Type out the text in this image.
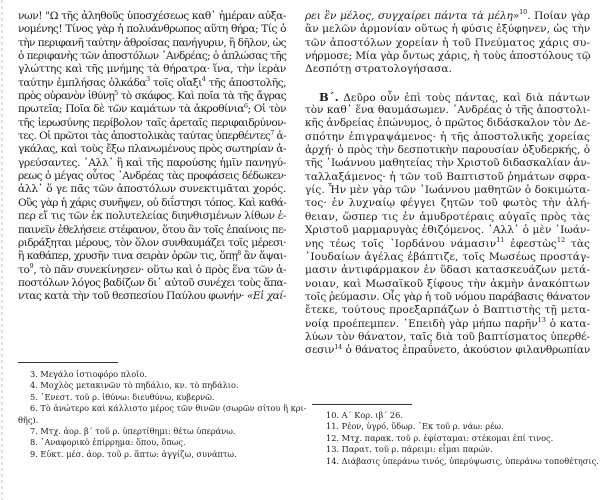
νων! "Ω τῆς ἀληθοῦς ὑποσχέσεως καθ᾽ ἡμέραν αὐξα-
νομένης! Τίνος γὰρ ἡ πολυάνθρωπος αὕτη θήρα; Τίς ὁ
τὴν περιφανῆ ταύτην ἀθροίσας πανήγυριν, ἢ δῆλον, ὡς
ὁ περιφανὴς τῶν ἀποστόλων ᾿Ανδρέας; ὁ ἁπλώσας τῆς
γλώττης καὶ τῆς μνήμης τὰ θήρατρα· ἵνα, τὴν ἱερὰν
ταύτην ἐμπλήσας ὁλκάδα$^3$ τοῖς οἴαξι$^4$ τῆς ἀποστολῆς,
πρὸς οὐρανὸν ἰθύνῃ$^5$ τὸ σκάφος. Καὶ ποῖα τὰ τῆς ἄγρας
πρωτεῖα; Ποῖα δὲ τῶν καμάτων τὰ ἀκροθίνια$^6$; Οἱ τὸν
τῆς ἱερωσύνης περίβολον ταῖς ἀρεταῖς περιφαιδρύνον-
τες. Οἱ πρῶτοι τὰς ἀποστολικὰς ταύτας ὑπερθέντες$^7$ ἀ-
γκάλας, καὶ τοὺς ἔξω πλανωμένους πρὸς σωτηρίαν ἀ-
γρεύσαντες. ᾿Αλλ᾽ ἢ καὶ τῆς παρούσης ἡμῖν πανηγύ-
ρεως ὁ μέγας οὗτος ᾿Ανδρέας τὰς προφάσεις δέδωκεν·
ἀλλ᾽ ὅ γε πᾶς τῶν ἀποστόλων συνεκτιμᾶται χορός.
Οὓς γὰρ ἡ χάρις συνῆψεν, οὐ διΐστησι τόπος. Καὶ καθά-
περ εἴ τις τῶν ἐκ πολυτελείας διηνθισμένων λίθων ἐ-
παινεῖν ἐθελήσειε στέφανον, ὅτου ἂν τοῖς ἐπαίνοις πε-
ριδράξηται μέρους, τὸν ὅλον συνθαυμάζει τοῖς μέρεσι·
ἢ καθάπερ, χρυσῆν τινα σειρὰν ὁρῶν τις, ὅπῃ$^8$ ἂν ἅψαι-
$\tau o^9$, τὸ πᾶν συνεκίνησεν· οὕτω καὶ ὁ πρὸς ἕνα τῶν ἀ-
ποστόλων λόγος βαδίζων δι᾽ αὐτοῦ συνέχει τοὺς ἅπα-
ντας κατὰ τὴν τοῦ θεσπεσίου Παύλου φωνήν· «Εἰ χαί-
3. Μεγάλο ἱστιοφόρο πλοῖο.
4. Μοχλὸς μετακινῶν τὸ πηδάλιο, κν. τὸ πηδάλιο.
5. ᾿Ενεστ. τοῦ ρ. ἰθύνω: διευθύνω, κυβερνῶ.
6. Τὸ ἀνώτερο καὶ κάλλιστο μέρος τῶν θινῶν (σωρῶν σίτου ἢ κρι-
θῆς).
7. Μτχ. ἀορ. β΄ τοῦ ρ. ὑπερτίθημι: θέτω ὑπεράνω.
8. ᾿Αναφορικὸ ἐπίρρημα: ὅπου, ὅπως.
9. Εὐκτ. μέσ. ἀορ. τοῦ ρ. ἅπτω: ἀγγίζω, συνάπτω.
ρει ἓν μέλος, συγχαίρει πάντα τὰ μέλη»$^{10}$. Ποίαν γὰρ
ἂν μελῶν ἁρμονίαν οὕτως ἡ φύσις ἐξύφηνεν, ὡς τὴν
τῶν ἀποστόλων χορείαν ἡ τοῦ Πνεύματος χάρις συ-
νήρμοσε; Μία γὰρ ὄντως χάρις, ἡ τοὺς ἀποστόλους τῷ
Δεσπότῃ στρατολογήσασα.
Β΄. Δεῦρο οὖν ἐπὶ τοὺς πάντας, καὶ διὰ πάντων
τὸν καθ᾽ ἕνα θαυμάσωμεν. ᾿Ανδρέας ὁ τῆς ἀποστολι-
κῆς ἀνδρείας ἐπώνυμος, ὁ πρῶτος διδάσκαλον τὸν Δε-
σπότην ἐπιγραψάμενος· ἡ τῆς ἀποστολικῆς χορείας
ἀρχή· ὁ πρὸς τὴν δεσποτικὴν παρουσίαν ὀξυδερκής, ὁ
τῆς ᾿Ιωάννου μαθητείας τὴν Χριστοῦ διδασκαλίαν ἀν-
ταλλαξάμενος· ἡ τῶν τοῦ Βαπτιστοῦ ῥημάτων σφρα-
γίς. Ἦν μὲν γὰρ τῶν ᾿Ιωάννου μαθητῶν ὁ δοκιμώτα-
τος· ἐν λυχναίῳ φέγγει ζητῶν τοῦ φωτὸς τὴν ἀλή-
θειαν, ὥσπερ τις ἐν ἀμυδροτέραις αὐγαῖς πρὸς τὰς
Χριστοῦ μαρμαρυγὰς ἐθιζόμενος. ᾿Αλλ᾽ ὁ μὲν ᾿Ιωάν-
νης τέως τοῖς ᾿Ιορδάνου νάμασιν$^{11}$ ἐφεστὼς$^{12}$ τὰς
᾿Ιουδαίων ἀγέλας ἐβάπτιζε, τοῖς Μωσέως προστάγ-
μασιν ἀντιφάρμακον ἐν ὕδασι κατασκευάζων μετά-
νοιαν, καὶ Μωσαϊκοῦ ξίφους τὴν ἀκμὴν ἀνακόπτων
τοῖς ῥεύμασιν. Οἷς γὰρ ἡ τοῦ νόμου παράβασις θάνατον
ἔτεκε, τούτους προεξαρπάζων ὁ Βαπτιστὴς τῇ μετα-
νοίᾳ προέπεμπεν. ᾿Επειδὴ γὰρ μήπω παρῆν$^{13}$ ὁ κατα-
λύων τὸν θάνατον, ταῖς διὰ τοῦ βαπτίσματος ὑπερθέ-
σεσιν$^{14}$ ὁ θάνατος ἐπραΰνετο, ἀκούσιον φιλανθρωπίαν
10. Α΄ Κορ. ιβ΄ 26.
11. Ρέον, ὑγρό, ὕδωρ. ᾿Εκ τοῦ ρ. νάω: ρέω.
12. Μτχ. παρακ. τοῦ ρ. ἐφίσταμαι: στέκομαι ἐπί τινος.
13. Παρατ. τοῦ ρ. πάρειμι: εἶμαι παρών.
14. Διάβασις ὑπεράνω τινός, ὑπερύψωσις, ὑπεράνω τοποθέτησις.
